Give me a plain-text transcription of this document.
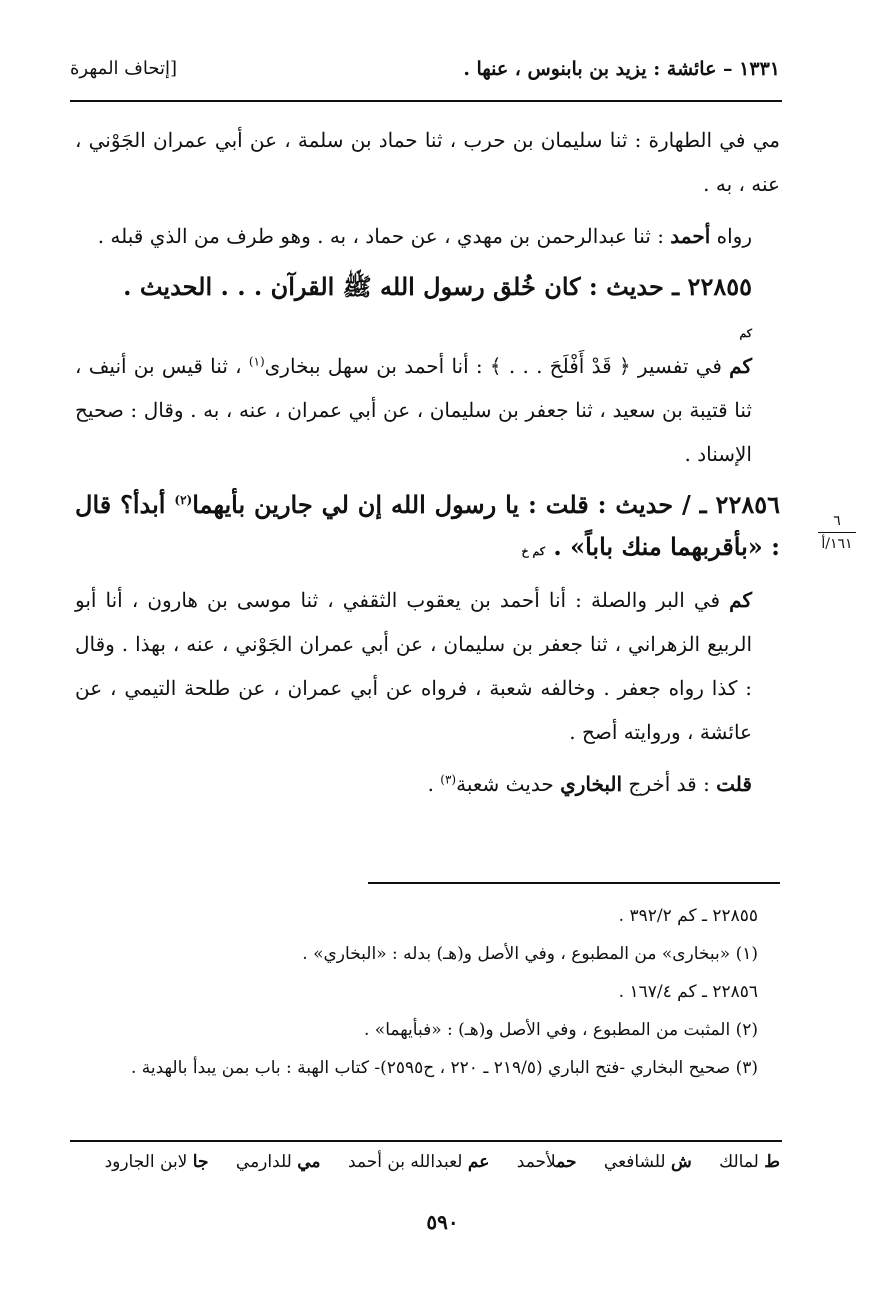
١٣٣١ – عائشة : يزيد بن بابنوس ، عنها .
[إتحاف المهرة
٦
١٦١/أ

مي في الطهارة : ثنا سليمان بن حرب ، ثنا حماد بن سلمة ، عن أبي عمران الجَوْني ، عنه ، به .

رواه أحمد : ثنا عبدالرحمن بن مهدي ، عن حماد ، به . وهو طرف من الذي قبله .

٢٢٨٥٥ ـ حديث : كان خُلق رسول الله ﷺ القرآن . . . الحديث .
كم

كم في تفسير ﴿ قَدْ أَفْلَحَ . . . ﴾ : أنا أحمد بن سهل ببخارى$^{(١)}$ ، ثنا قيس بن أنيف ، ثنا قتيبة بن سعيد ، ثنا جعفر بن سليمان ، عن أبي عمران ، عنه ، به . وقال : صحيح الإسناد .

٢٢٨٥٦ ـ / حديث : قلت : يا رسول الله إن لي جارين بأيهما$^{(٢)}$ أبدأ؟ قال : «بأقربهما منك باباً» . كم خ

كم في البر والصلة : أنا أحمد بن يعقوب الثقفي ، ثنا موسى بن هارون ، أنا أبو الربيع الزهراني ، ثنا جعفر بن سليمان ، عن أبي عمران الجَوْني ، عنه ، بهذا . وقال : كذا رواه جعفر . وخالفه شعبة ، فرواه عن أبي عمران ، عن طلحة التيمي ، عن عائشة ، وروايته أصح .

قلت : قد أخرج البخاري حديث شعبة$^{(٣)}$ .

٢٢٨٥٥ ـ كم ٣٩٢/٢ .

(١) «ببخارى» من المطبوع ، وفي الأصل و(هـ) بدله : «البخاري» .

٢٢٨٥٦ ـ كم ١٦٧/٤ .

(٢) المثبت من المطبوع ، وفي الأصل و(هـ) : «فبأيهما» .

(٣) صحيح البخاري -فتح الباري (٢١٩/٥ ـ ٢٢٠ ، ح٢٥٩٥)- كتاب الهبة : باب بمن يبدأ بالهدية .

ط لمالك ش للشافعي حملأحمد عم لعبدالله بن أحمد مي للدارمي جا لابن الجارود
٥٩٠
